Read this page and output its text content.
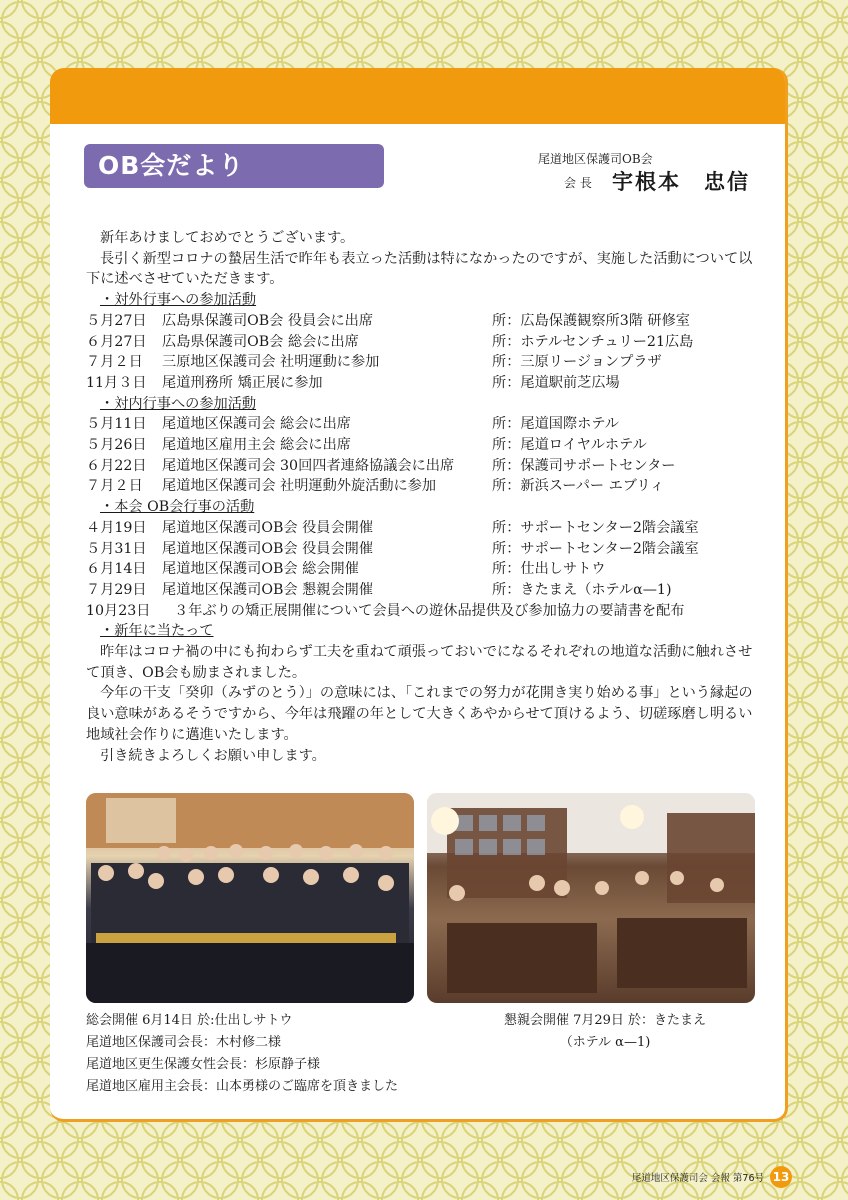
OB会だより	尾道地区保護司OB会
会 長 宇根本　忠信

新年あけましておめでとうございます。

長引く新型コロナの蟄居生活で昨年も表立った活動は特になかったのですが、実施した活動について以下に述べさせていただきます。

・対外行事への参加活動

５月27日	広島県保護司OB会 役員会に出席	所：広島保護観察所3階 研修室
６月27日	広島県保護司OB会 総会に出席	所：ホテルセンチュリー21広島
７月２日	三原地区保護司会 社明運動に参加	所：三原リージョンプラザ
11月３日	尾道刑務所 矯正展に参加	所：尾道駅前芝広場

・対内行事への参加活動

５月11日	尾道地区保護司会 総会に出席	所：尾道国際ホテル
５月26日	尾道地区雇用主会 総会に出席	所：尾道ロイヤルホテル
６月22日	尾道地区保護司会 30回四者連絡協議会に出席	所：保護司サポートセンター
７月２日	尾道地区保護司会 社明運動外旋活動に参加	所：新浜スーパー エブリィ

・本会 OB会行事の活動

４月19日	尾道地区保護司OB会 役員会開催	所：サポートセンター2階会議室
５月31日	尾道地区保護司OB会 役員会開催	所：サポートセンター2階会議室
６月14日	尾道地区保護司OB会 総会開催	所：仕出しサトウ
７月29日	尾道地区保護司OB会 懇親会開催	所：きたまえ（ホテルα—1)
10月23日	３年ぶりの矯正展開催について会員への遊休品提供及び参加協力の要請書を配布

・新年に当たって

昨年はコロナ禍の中にも拘わらず工夫を重ねて頑張っておいでになるそれぞれの地道な活動に触れさせて頂き、OB会も励まされました。

今年の干支「癸卯（みずのとう）」の意味には、「これまでの努力が花開き実り始める事」という縁起の良い意味があるそうですから、今年は飛躍の年として大きくあやからせて頂けるよう、切磋琢磨し明るい地域社会作りに邁進いたします。

引き続きよろしくお願い申します。

総会開催 6月14日 於:仕出しサトウ
尾道地区保護司会長：木村修二様
尾道地区更生保護女性会長：杉原静子様
尾道地区雇用主会長：山本勇様のご臨席を頂きました
懇親会開催 7月29日 於：きたまえ
（ホテル α—1)
尾道地区保護司会 会報 第76号 13
